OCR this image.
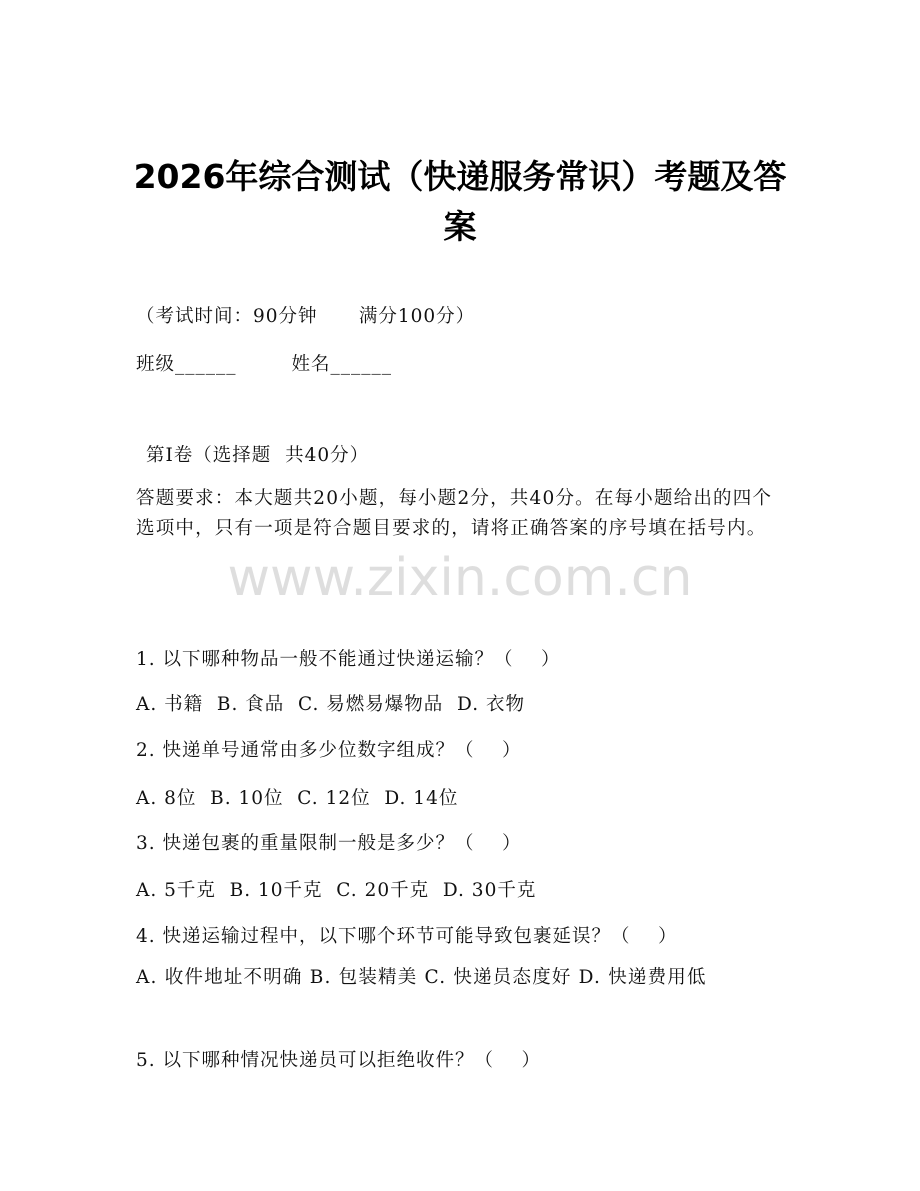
2026年综合测试（快递服务常识）考题及答案
（考试时间：90分钟      满分100分）
班级______        姓名______
第I卷（选择题  共40分）
答题要求：本大题共20小题，每小题2分，共40分。在每小题给出的四个选项中，只有一项是符合题目要求的，请将正确答案的序号填在括号内。
www.zixin.com.cn
1. 以下哪种物品一般不能通过快递运输？（    ）
A. 书籍  B. 食品  C. 易燃易爆物品  D. 衣物
2. 快递单号通常由多少位数字组成？（    ）
A. 8位  B. 10位  C. 12位  D. 14位
3. 快递包裹的重量限制一般是多少？（    ）
A. 5千克  B. 10千克  C. 20千克  D. 30千克
4. 快递运输过程中，以下哪个环节可能导致包裹延误？（    ）
A. 收件地址不明确 B. 包装精美 C. 快递员态度好 D. 快递费用低
5. 以下哪种情况快递员可以拒绝收件？（    ）
